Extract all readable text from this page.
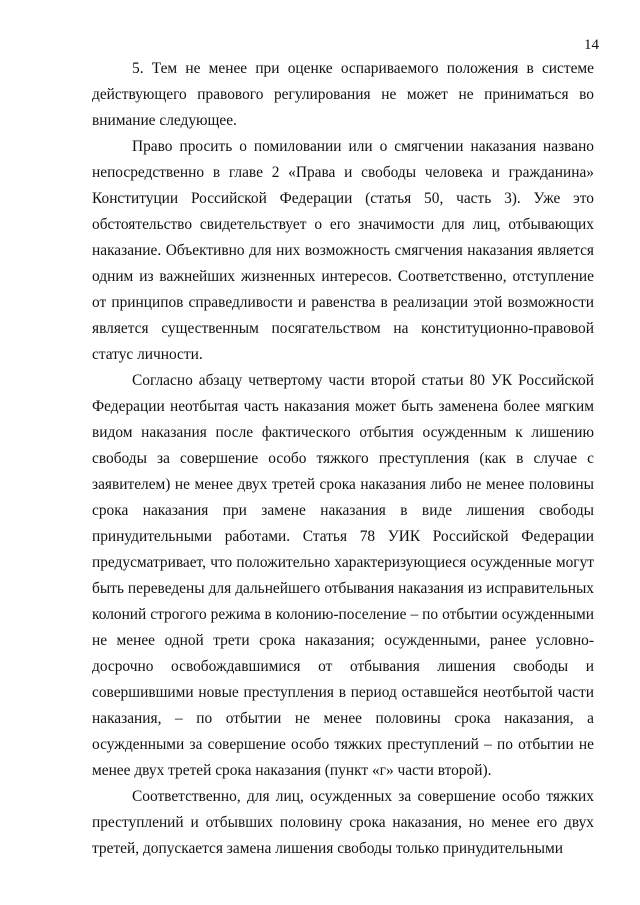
14

5. Тем не менее при оценке оспариваемого положения в системе действующего правового регулирования не может не приниматься во внимание следующее.

Право просить о помиловании или о смягчении наказания названо непосредственно в главе 2 «Права и свободы человека и гражданина» Конституции Российской Федерации (статья 50, часть 3). Уже это обстоятельство свидетельствует о его значимости для лиц, отбывающих наказание. Объективно для них возможность смягчения наказания является одним из важнейших жизненных интересов. Соответственно, отступление от принципов справедливости и равенства в реализации этой возможности является существенным посягательством на конституционно-правовой статус личности.

Согласно абзацу четвертому части второй статьи 80 УК Российской Федерации неотбытая часть наказания может быть заменена более мягким видом наказания после фактического отбытия осужденным к лишению свободы за совершение особо тяжкого преступления (как в случае с заявителем) не менее двух третей срока наказания либо не менее половины срока наказания при замене наказания в виде лишения свободы принудительными работами. Статья 78 УИК Российской Федерации предусматривает, что положительно характеризующиеся осужденные могут быть переведены для дальнейшего отбывания наказания из исправительных колоний строгого режима в колонию-поселение – по отбытии осужденными не менее одной трети срока наказания; осужденными, ранее условно-досрочно освобождавшимися от отбывания лишения свободы и совершившими новые преступления в период оставшейся неотбытой части наказания, – по отбытии не менее половины срока наказания, а осужденными за совершение особо тяжких преступлений – по отбытии не менее двух третей срока наказания (пункт «г» части второй).

Соответственно, для лиц, осужденных за совершение особо тяжких преступлений и отбывших половину срока наказания, но менее его двух третей, допускается замена лишения свободы только принудительными
